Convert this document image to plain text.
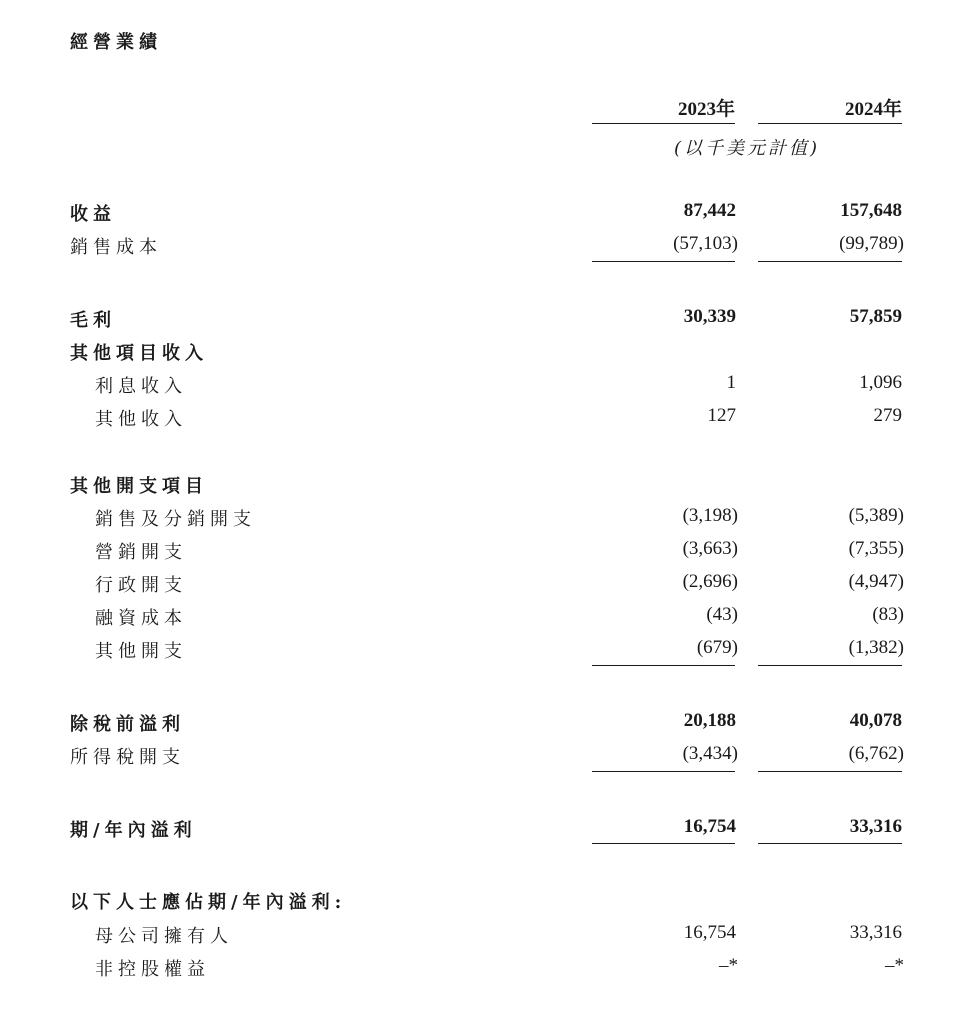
經營業績
2023年	2024年
(以千美元計值)
收益	87,442	157,648
銷售成本	(57,103)	(99,789)
毛利	30,339	57,859
其他項目收入
利息收入	1	1,096
其他收入	127	279
其他開支項目
銷售及分銷開支	(3,198)	(5,389)
營銷開支	(3,663)	(7,355)
行政開支	(2,696)	(4,947)
融資成本	(43)	(83)
其他開支	(679)	(1,382)
除稅前溢利	20,188	40,078
所得稅開支	(3,434)	(6,762)
期/年內溢利	16,754	33,316
以下人士應佔期/年內溢利:
母公司擁有人	16,754	33,316
非控股權益	–*	–*
